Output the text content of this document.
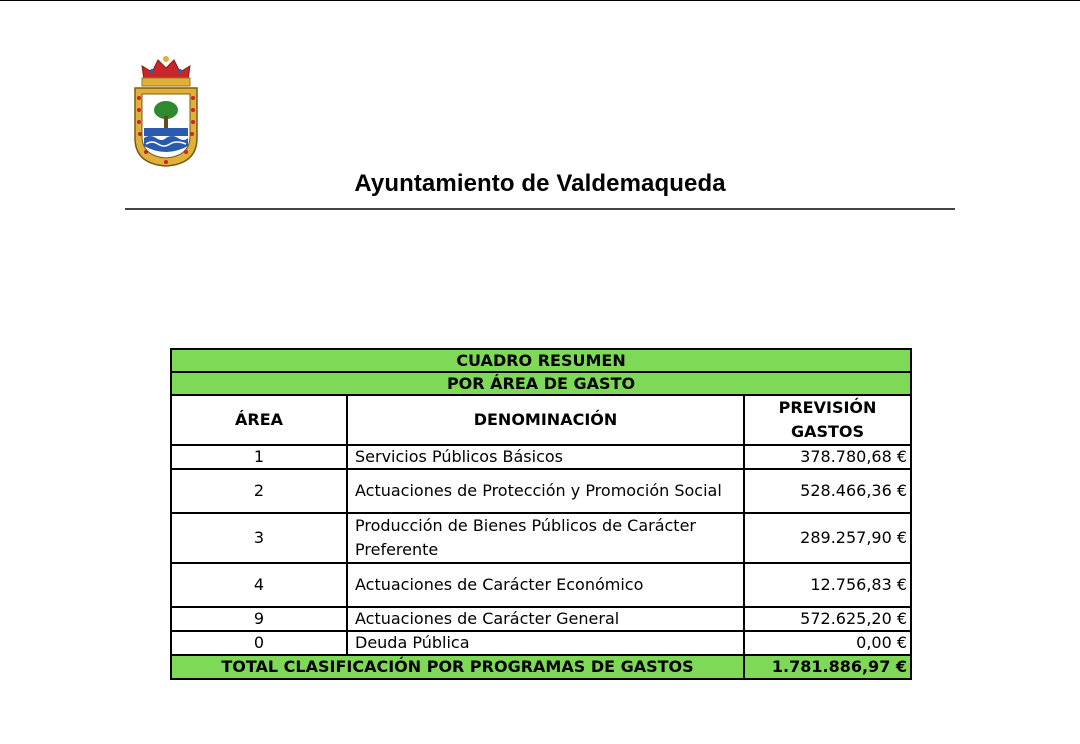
Ayuntamiento de Valdemaqueda
CUADRO RESUMEN		
POR ÁREA DE GASTO		
ÁREA	DENOMINACIÓN	PREVISIÓN
GASTOS

1	Servicios Públicos Básicos	378.780,68 €
2	Actuaciones de Protección y Promoción Social	528.466,36 €
3	Producción de Bienes Públicos de Carácter
Preferente	289.257,90 €
4	Actuaciones de Carácter Económico	12.756,83 €
9	Actuaciones de Carácter General	572.625,20 €
0	Deuda Pública	0,00 €
TOTAL CLASIFICACIÓN POR PROGRAMAS DE GASTOS		1.781.886,97 €
